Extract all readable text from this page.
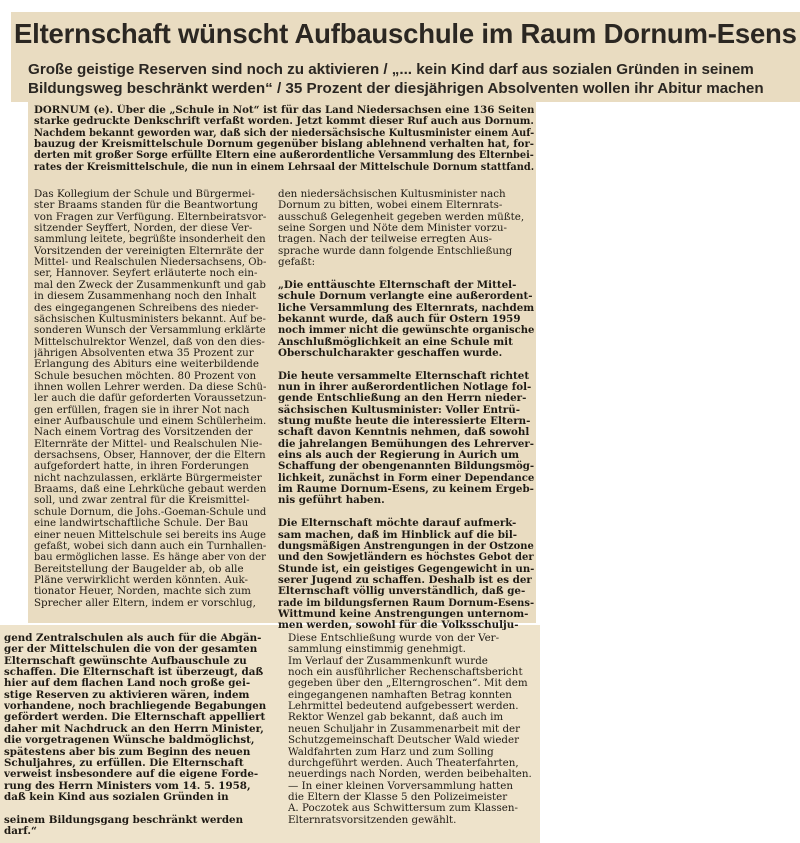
Elternschaft wünscht Aufbauschule im Raum Dornum-Esens
Große geistige Reserven sind noch zu aktivieren / „... kein Kind darf aus sozialen Gründen in seinem
Bildungsweg beschränkt werden“ / 35 Prozent der diesjährigen Absolventen wollen ihr Abitur machen
DORNUM (e). Über die „Schule in Not“ ist für das Land Niedersachsen eine 136 Seiten
starke gedruckte Denkschrift verfaßt worden. Jetzt kommt dieser Ruf auch aus Dornum.
Nachdem bekannt geworden war, daß sich der niedersächsische Kultusminister einem Auf-
bauzug der Kreismittelschule Dornum gegenüber bislang ablehnend verhalten hat, for-
derten mit großer Sorge erfüllte Eltern eine außerordentliche Versammlung des Elternbei-
rates der Kreismittelschule, die nun in einem Lehrsaal der Mittelschule Dornum stattfand.
Das Kollegium der Schule und Bürgermei-
ster Braams standen für die Beantwortung
von Fragen zur Verfügung. Elternbeiratsvor-
sitzender Seyffert, Norden, der diese Ver-
sammlung leitete, begrüßte insonderheit den
Vorsitzenden der vereinigten Elternräte der
Mittel- und Realschulen Niedersachsens, Ob-
ser, Hannover. Seyfert erläuterte noch ein-
mal den Zweck der Zusammenkunft und gab
in diesem Zusammenhang noch den Inhalt
des eingegangenen Schreibens des nieder-
sächsischen Kultusministers bekannt. Auf be-
sonderen Wunsch der Versammlung erklärte
Mittelschulrektor Wenzel, daß von den dies-
jährigen Absolventen etwa 35 Prozent zur
Erlangung des Abiturs eine weiterbildende
Schule besuchen möchten. 80 Prozent von
ihnen wollen Lehrer werden. Da diese Schü-
ler auch die dafür geforderten Voraussetzun-
gen erfüllen, fragen sie in ihrer Not nach
einer Aufbauschule und einem Schülerheim.
Nach einem Vortrag des Vorsitzenden der
Elternräte der Mittel- und Realschulen Nie-
dersachsens, Obser, Hannover, der die Eltern
aufgefordert hatte, in ihren Forderungen
nicht nachzulassen, erklärte Bürgermeister
Braams, daß eine Lehrküche gebaut werden
soll, und zwar zentral für die Kreismittel-
schule Dornum, die Johs.-Goeman-Schule und
eine landwirtschaftliche Schule. Der Bau
einer neuen Mittelschule sei bereits ins Auge
gefaßt, wobei sich dann auch ein Turnhallen-
bau ermöglichen lasse. Es hänge aber von der
Bereitstellung der Baugelder ab, ob alle
Pläne verwirklicht werden könnten. Auk-
tionator Heuer, Norden, machte sich zum
Sprecher aller Eltern, indem er vorschlug,
den niedersächsischen Kultusminister nach
Dornum zu bitten, wobei einem Elternrats-
ausschuß Gelegenheit gegeben werden müßte,
seine Sorgen und Nöte dem Minister vorzu-
tragen. Nach der teilweise erregten Aus-
sprache wurde dann folgende Entschließung
gefaßt:
„Die enttäuschte Elternschaft der Mittel-
schule Dornum verlangte eine außerordent-
liche Versammlung des Elternrats, nachdem
bekannt wurde, daß auch für Ostern 1959
noch immer nicht die gewünschte organische
Anschlußmöglichkeit an eine Schule mit
Oberschulcharakter geschaffen wurde.
Die heute versammelte Elternschaft richtet
nun in ihrer außerordentlichen Notlage fol-
gende Entschließung an den Herrn nieder-
sächsischen Kultusminister: Voller Entrü-
stung mußte heute die interessierte Eltern-
schaft davon Kenntnis nehmen, daß sowohl
die jahrelangen Bemühungen des Lehrerver-
eins als auch der Regierung in Aurich um
Schaffung der obengenannten Bildungsmög-
lichkeit, zunächst in Form einer Dependance
im Raume Dornum-Esens, zu keinem Ergeb-
nis geführt haben.
Die Elternschaft möchte darauf aufmerk-
sam machen, daß im Hinblick auf die bil-
dungsmäßigen Anstrengungen in der Ostzone
und den Sowjetländern es höchstes Gebot der
Stunde ist, ein geistiges Gegengewicht in un-
serer Jugend zu schaffen. Deshalb ist es der
Elternschaft völlig unverständlich, daß ge-
rade im bildungsfernen Raum Dornum-Esens-
Wittmund keine Anstrengungen unternom-
men werden, sowohl für die Volksschulju-
gend Zentralschulen als auch für die Abgän-
ger der Mittelschulen die von der gesamten
Elternschaft gewünschte Aufbauschule zu
schaffen. Die Elternschaft ist überzeugt, daß
hier auf dem flachen Land noch große gei-
stige Reserven zu aktivieren wären, indem
vorhandene, noch brachliegende Begabungen
gefördert werden. Die Elternschaft appelliert
daher mit Nachdruck an den Herrn Minister,
die vorgetragenen Wünsche baldmöglichst,
spätestens aber bis zum Beginn des neuen
Schuljahres, zu erfüllen. Die Elternschaft
verweist insbesondere auf die eigene Forde-
rung des Herrn Ministers vom 14. 5. 1958,
daß kein Kind aus sozialen Gründen in
seinem Bildungsgang beschränkt werden
darf.“
Diese Entschließung wurde von der Ver-
sammlung einstimmig genehmigt.
Im Verlauf der Zusammenkunft wurde
noch ein ausführlicher Rechenschaftsbericht
gegeben über den „Elterngroschen“. Mit dem
eingegangenen namhaften Betrag konnten
Lehrmittel bedeutend aufgebessert werden.
Rektor Wenzel gab bekannt, daß auch im
neuen Schuljahr in Zusammenarbeit mit der
Schutzgemeinschaft Deutscher Wald wieder
Waldfahrten zum Harz und zum Solling
durchgeführt werden. Auch Theaterfahrten,
neuerdings nach Norden, werden beibehalten.
— In einer kleinen Vorversammlung hatten
die Eltern der Klasse 5 den Polizeimeister
A. Poczotek aus Schwittersum zum Klassen-
Elternratsvorsitzenden gewählt.
